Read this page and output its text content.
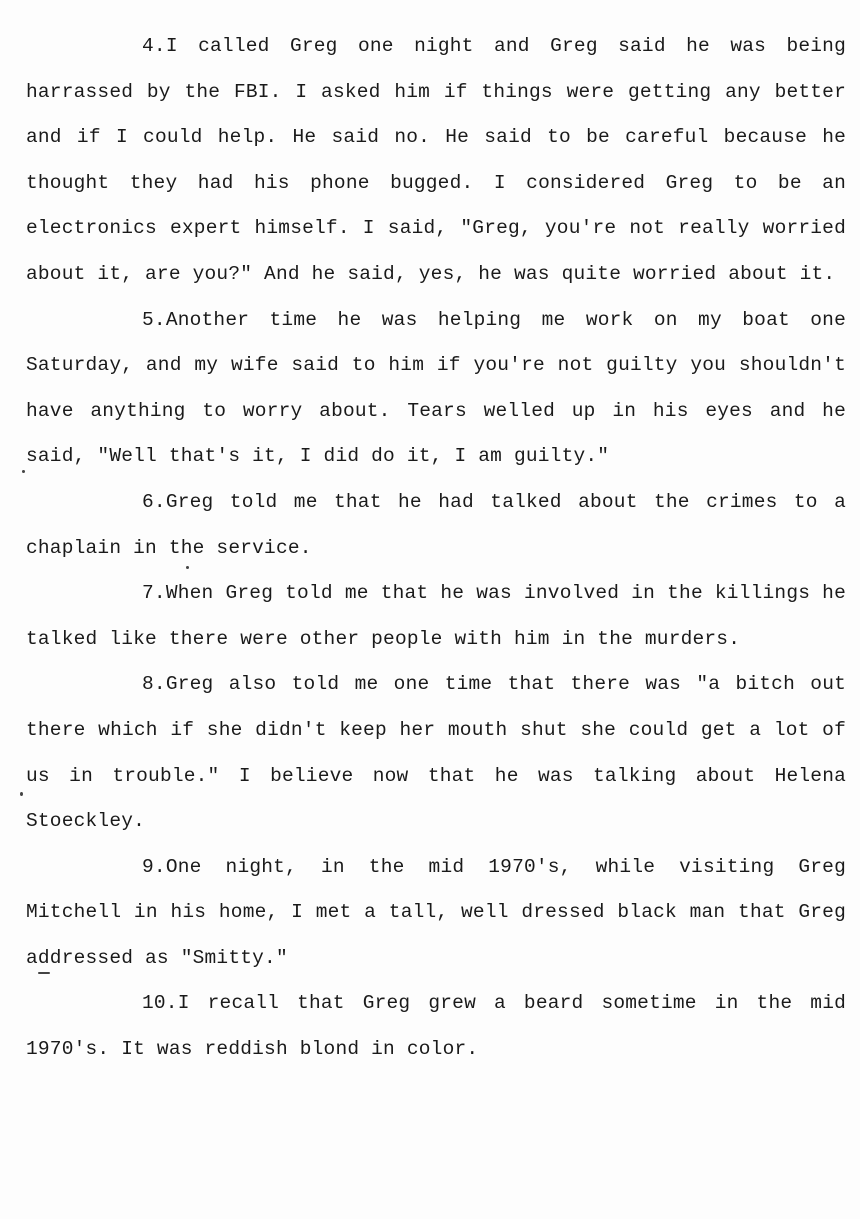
4.I called Greg one night and Greg said he was being harrassed by the FBI. I asked him if things were getting any better and if I could help. He said no. He said to be careful because he thought they had his phone bugged. I considered Greg to be an electronics expert himself. I said, "Greg, you're not really worried about it, are you?" And he said, yes, he was quite worried about it.

5.Another time he was helping me work on my boat one Saturday, and my wife said to him if you're not guilty you shouldn't have anything to worry about. Tears welled up in his eyes and he said, "Well that's it, I did do it, I am guilty."

6.Greg told me that he had talked about the crimes to a chaplain in the service.

7.When Greg told me that he was involved in the killings he talked like there were other people with him in the murders.

8.Greg also told me one time that there was "a bitch out there which if she didn't keep her mouth shut she could get a lot of us in trouble." I believe now that he was talking about Helena Stoeckley.

9.One night, in the mid 1970's, while visiting Greg Mitchell in his home, I met a tall, well dressed black man that Greg addressed as "Smitty."

10.I recall that Greg grew a beard sometime in the mid 1970's. It was reddish blond in color.
